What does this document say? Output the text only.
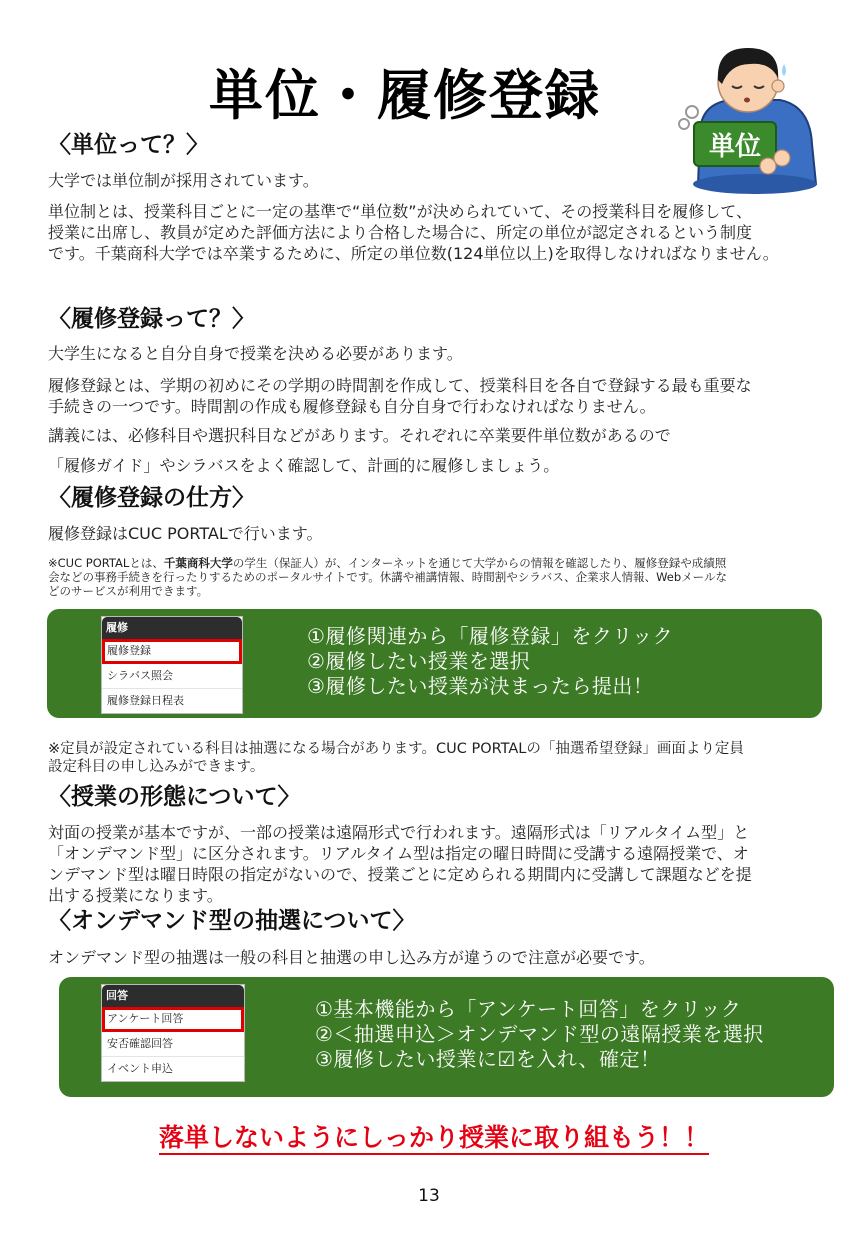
単位・履修登録
単位
〈単位って？〉
大学では単位制が採用されています。
単位制とは、授業科目ごとに一定の基準で“単位数”が決められていて、その授業科目を履修して、
授業に出席し、教員が定めた評価方法により合格した場合に、所定の単位が認定されるという制度
です。千葉商科大学では卒業するために、所定の単位数(124単位以上)を取得しなければなりません。
〈履修登録って？〉
大学生になると自分自身で授業を決める必要があります。
履修登録とは、学期の初めにその学期の時間割を作成して、授業科目を各自で登録する最も重要な
手続きの一つです。時間割の作成も履修登録も自分自身で行わなければなりません。
講義には、必修科目や選択科目などがあります。それぞれに卒業要件単位数があるので
「履修ガイド」やシラバスをよく確認して、計画的に履修しましょう。
〈履修登録の仕方〉
履修登録はCUC PORTALで行います。
※CUC PORTALとは、千葉商科大学の学生（保証人）が、インターネットを通じて大学からの情報を確認したり、履修登録や成績照
会などの事務手続きを行ったりするためのポータルサイトです。休講や補講情報、時間割やシラバス、企業求人情報、Webメールな
どのサービスが利用できます。
履修
履修登録
シラバス照会
履修登録日程表
①履修関連から「履修登録」をクリック
②履修したい授業を選択
③履修したい授業が決まったら提出！
※定員が設定されている科目は抽選になる場合があります。CUC PORTALの「抽選希望登録」画面より定員
設定科目の申し込みができます。
〈授業の形態について〉
対面の授業が基本ですが、一部の授業は遠隔形式で行われます。遠隔形式は「リアルタイム型」と
「オンデマンド型」に区分されます。リアルタイム型は指定の曜日時間に受講する遠隔授業で、オ
ンデマンド型は曜日時限の指定がないので、授業ごとに定められる期間内に受講して課題などを提
出する授業になります。
〈オンデマンド型の抽選について〉
オンデマンド型の抽選は一般の科目と抽選の申し込み方が違うので注意が必要です。
回答
アンケート回答
安否確認回答
イベント申込
①基本機能から「アンケート回答」をクリック
②＜抽選申込＞オンデマンド型の遠隔授業を選択
③履修したい授業に☑を入れ、確定！
落単しないようにしっかり授業に取り組もう！！
13
